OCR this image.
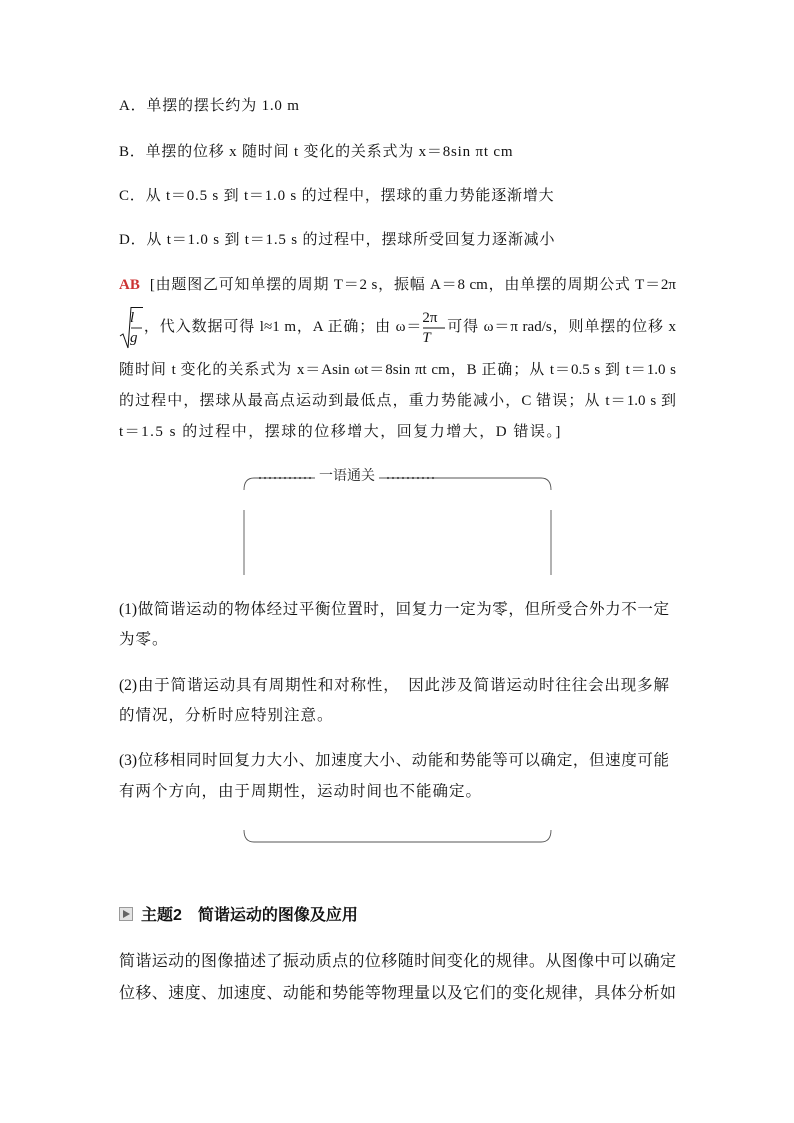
A．单摆的摆长约为 1.0 m
B．单摆的位移 x 随时间 t 变化的关系式为 x＝8sin πt cm
C．从 t＝0.5 s 到 t＝1.0 s 的过程中，摆球的重力势能逐渐增大
D．从 t＝1.0 s 到 t＝1.5 s 的过程中，摆球所受回复力逐渐减小
AB [由题图乙可知单摆的周期 T＝2 s，振幅 A＝8 cm，由单摆的周期公式 T＝2π
l
g
，代入数据可得 l≈1 m，A 正确；由 ω＝
2π
T
可得 ω＝π rad/s，则单摆的位移 x
随时间 t 变化的关系式为 x＝Asin ωt＝8sin πt cm，B 正确；从 t＝0.5 s 到 t＝1.0 s
的过程中，摆球从最高点运动到最低点，重力势能减小，C 错误；从 t＝1.0 s 到
t＝1.5 s 的过程中，摆球的位移增大，回复力增大，D 错误。]
一语通关
(1)做简谐运动的物体经过平衡位置时，回复力一定为零，但所受合外力不一定
为零。
(2)由于简谐运动具有周期性和对称性，　因此涉及简谐运动时往往会出现多解
的情况，分析时应特别注意。
(3)位移相同时回复力大小、加速度大小、动能和势能等可以确定，但速度可能
有两个方向，由于周期性，运动时间也不能确定。
主题2 简谐运动的图像及应用
简谐运动的图像描述了振动质点的位移随时间变化的规律。从图像中可以确定
位移、速度、加速度、动能和势能等物理量以及它们的变化规律，具体分析如
